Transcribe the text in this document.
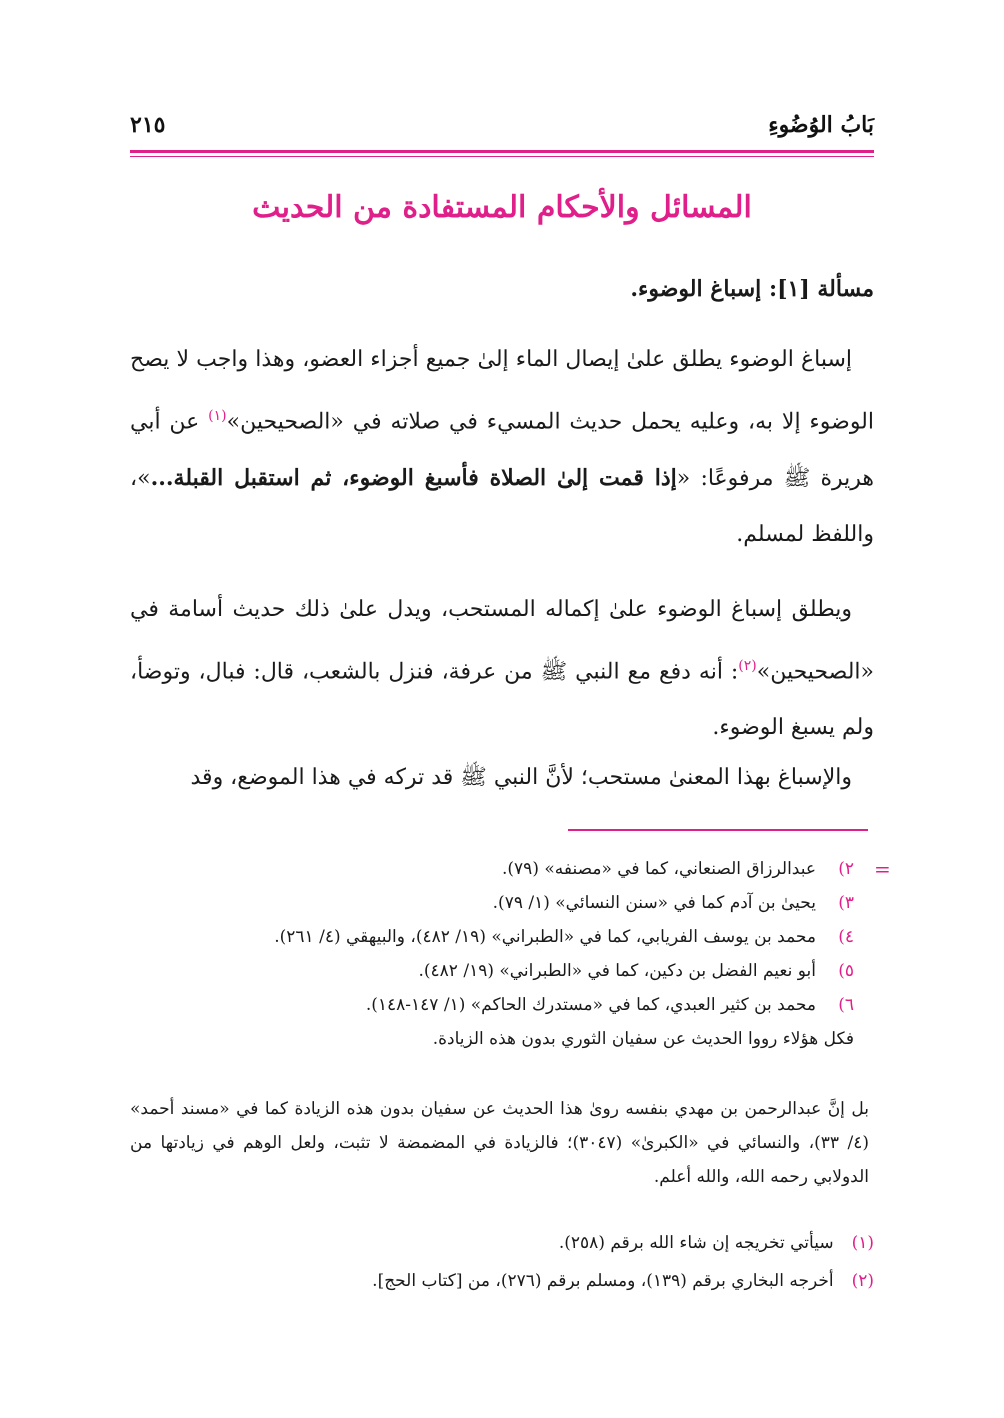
بَابُ الوُضُوءِ
٢١٥
المسائل والأحكام المستفادة من الحديث
مسألة [١]: إسباغ الوضوء.
إسباغ الوضوء يطلق علىٰ إيصال الماء إلىٰ جميع أجزاء العضو، وهذا واجب لا يصح الوضوء إلا به، وعليه يحمل حديث المسيء في صلاته في «الصحيحين»$^{(١)}$ عن أبي هريرة ﷺ مرفوعًا: «إذا قمت إلىٰ الصلاة فأسبغ الوضوء، ثم استقبل القبلة...»، واللفظ لمسلم.
ويطلق إسباغ الوضوء علىٰ إكماله المستحب، ويدل علىٰ ذلك حديث أسامة في «الصحيحين»$^{(٢)}$: أنه دفع مع النبي ﷺ من عرفة، فنزل بالشعب، قال: فبال، وتوضأ، ولم يسبغ الوضوء.
والإسباغ بهذا المعنىٰ مستحب؛ لأنَّ النبي ﷺ قد تركه في هذا الموضع، وقد
=
٢)عبدالرزاق الصنعاني، كما في «مصنفه» (٧٩).
٣)يحيىٰ بن آدم كما في «سنن النسائي» (١/ ٧٩).
٤)محمد بن يوسف الفريابي، كما في «الطبراني» (١٩/ ٤٨٢)، والبيهقي (٤/ ٢٦١).
٥)أبو نعيم الفضل بن دكين، كما في «الطبراني» (١٩/ ٤٨٢).
٦)محمد بن كثير العبدي، كما في «مستدرك الحاكم» (١/ ١٤٧-١٤٨).
فكل هؤلاء رووا الحديث عن سفيان الثوري بدون هذه الزيادة.
بل إنَّ عبدالرحمن بن مهدي بنفسه روىٰ هذا الحديث عن سفيان بدون هذه الزيادة كما في «مسند أحمد» (٤/ ٣٣)، والنسائي في «الكبرىٰ» (٣٠٤٧)؛ فالزيادة في المضمضة لا تثبت، ولعل الوهم في زيادتها من الدولابي رحمه الله، والله أعلم.
(١)سيأتي تخريجه إن شاء الله برقم (٢٥٨).
(٢)أخرجه البخاري برقم (١٣٩)، ومسلم برقم (٢٧٦)، من [كتاب الحج].
